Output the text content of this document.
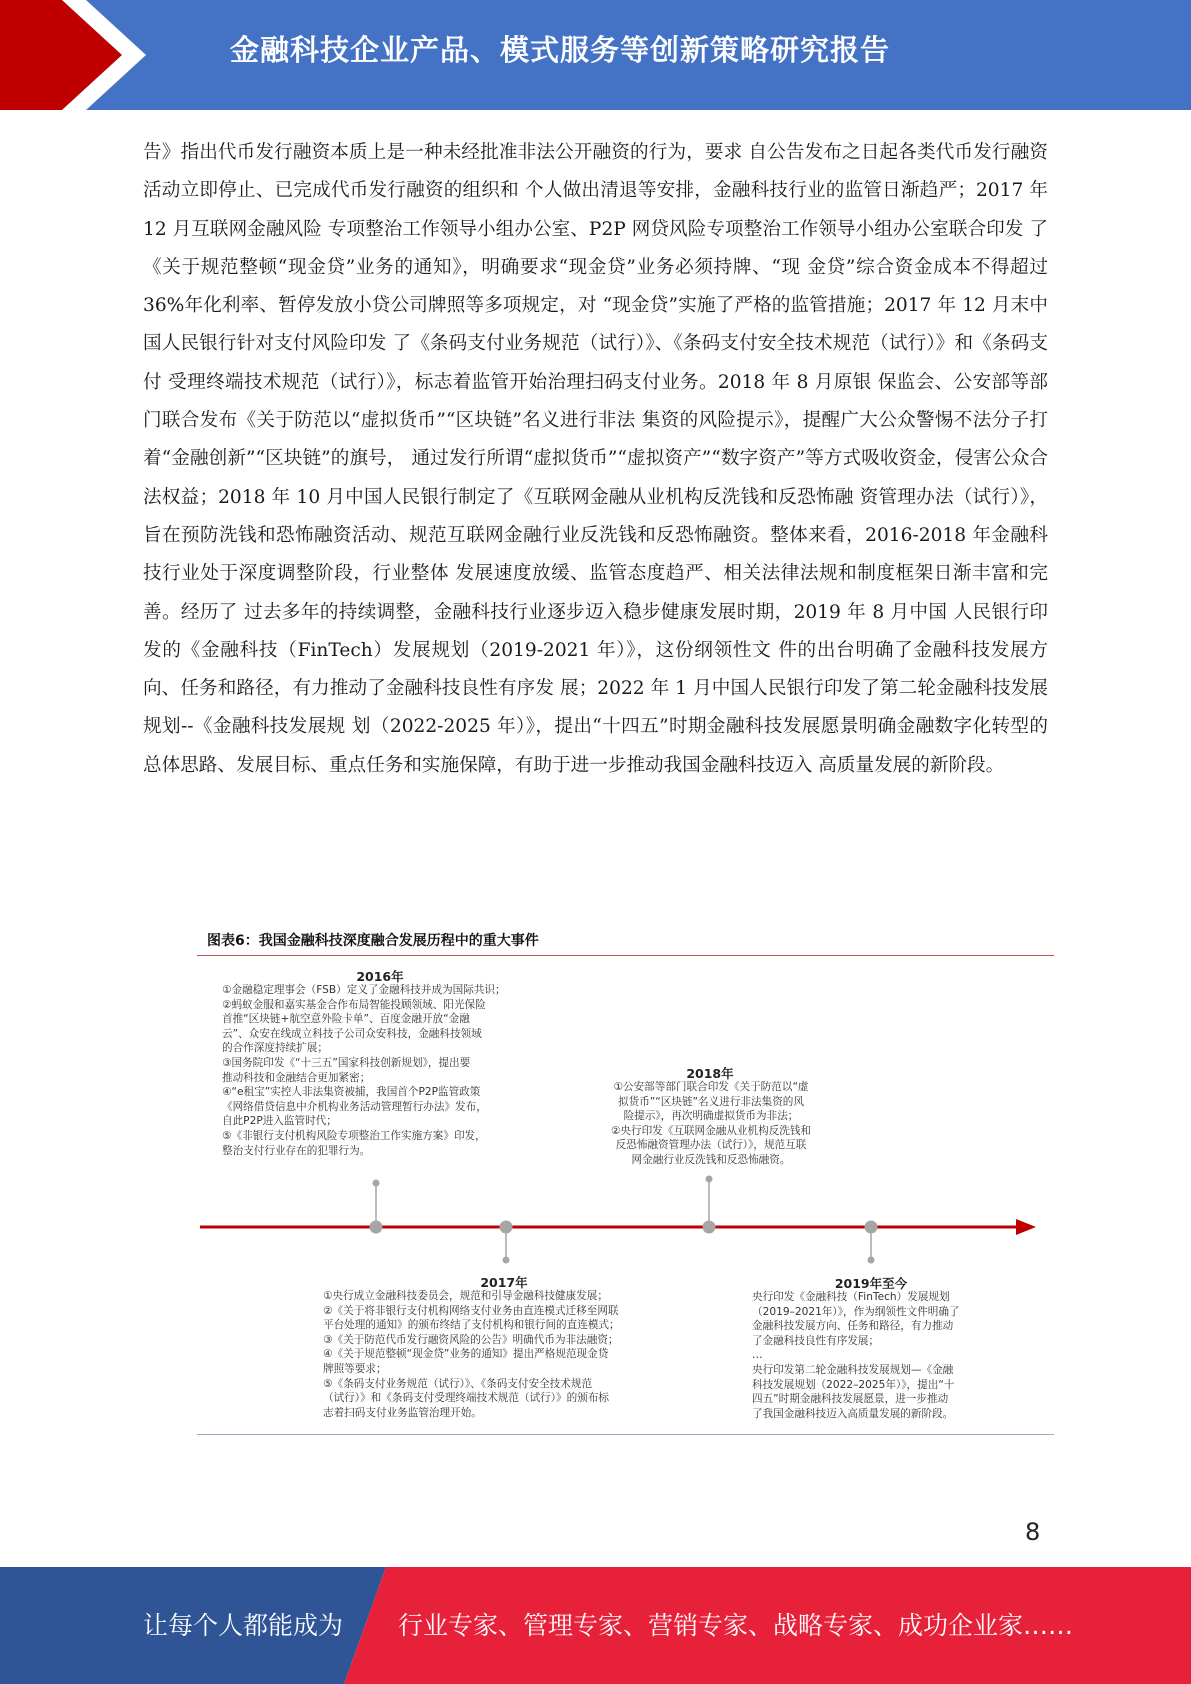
金融科技企业产品、模式服务等创新策略研究报告
告》指出代币发行融资本质上是一种未经批准非法公开融资的行为，要求 自公告发布之日起各类代币发行融资活动立即停止、已完成代币发行融资的组织和 个人做出清退等安排，金融科技行业的监管日渐趋严；2017 年 12 月互联网金融风险 专项整治工作领导小组办公室、P2P 网贷风险专项整治工作领导小组办公室联合印发 了《关于规范整顿“现金贷”业务的通知》，明确要求“现金贷”业务必须持牌、“现 金贷”综合资金成本不得超过 36%年化利率、暂停发放小贷公司牌照等多项规定，对 “现金贷”实施了严格的监管措施；2017 年 12 月末中国人民银行针对支付风险印发 了《条码支付业务规范（试行）》、《条码支付安全技术规范（试行）》和《条码支付 受理终端技术规范（试行）》，标志着监管开始治理扫码支付业务。2018 年 8 月原银 保监会、公安部等部门联合发布《关于防范以“虚拟货币”“区块链”名义进行非法 集资的风险提示》，提醒广大公众警惕不法分子打着“金融创新”“区块链”的旗号， 通过发行所谓“虚拟货币”“虚拟资产”“数字资产”等方式吸收资金，侵害公众合 法权益；2018 年 10 月中国人民银行制定了《互联网金融从业机构反洗钱和反恐怖融 资管理办法（试行）》，旨在预防洗钱和恐怖融资活动、规范互联网金融行业反洗钱和反恐怖融资。整体来看，2016-2018 年金融科技行业处于深度调整阶段，行业整体 发展速度放缓、监管态度趋严、相关法律法规和制度框架日渐丰富和完善。经历了 过去多年的持续调整，金融科技行业逐步迈入稳步健康发展时期，2019 年 8 月中国 人民银行印发的《金融科技（FinTech）发展规划（2019-2021 年）》，这份纲领性文 件的出台明确了金融科技发展方向、任务和路径，有力推动了金融科技良性有序发 展；2022 年 1 月中国人民银行印发了第二轮金融科技发展规划--《金融科技发展规 划（2022-2025 年）》，提出“十四五”时期金融科技发展愿景明确金融数字化转型的 总体思路、发展目标、重点任务和实施保障，有助于进一步推动我国金融科技迈入 高质量发展的新阶段。
图表6：我国金融科技深度融合发展历程中的重大事件
2016年
①金融稳定理事会（FSB）定义了金融科技并成为国际共识；
②蚂蚁金服和嘉实基金合作布局智能投顾领域、阳光保险
首推“区块链+航空意外险卡单”、百度金融开放“金融
云”、众安在线成立科技子公司众安科技，金融科技领域
的合作深度持续扩展；
③国务院印发《“十三五”国家科技创新规划》，提出要
推动科技和金融结合更加紧密；
④“e租宝”实控人非法集资被捕，我国首个P2P监管政策
《网络借贷信息中介机构业务活动管理暂行办法》发布，
自此P2P进入监管时代；
⑤《非银行支付机构风险专项整治工作实施方案》印发，
整治支付行业存在的犯罪行为。
2018年
①公安部等部门联合印发《关于防范以“虚
拟货币”“区块链”名义进行非法集资的风
险提示》，再次明确虚拟货币为非法；
②央行印发《互联网金融从业机构反洗钱和
反恐怖融资管理办法（试行）》，规范互联
网金融行业反洗钱和反恐怖融资。
2017年
①央行成立金融科技委员会，规范和引导金融科技健康发展；
②《关于将非银行支付机构网络支付业务由直连模式迁移至网联
平台处理的通知》的颁布终结了支付机构和银行间的直连模式；
③《关于防范代币发行融资风险的公告》明确代币为非法融资；
④《关于规范整顿“现金贷”业务的通知》提出严格规范现金贷
牌照等要求；
⑤《条码支付业务规范（试行）》、《条码支付安全技术规范
（试行）》和《条码支付受理终端技术规范（试行）》的颁布标
志着扫码支付业务监管治理开始。
2019年至今
央行印发《金融科技（FinTech）发展规划
（2019–2021年）》，作为纲领性文件明确了
金融科技发展方向、任务和路径，有力推动
了金融科技良性有序发展；
…
央行印发第二轮金融科技发展规划—《金融
科技发展规划（2022–2025年）》，提出“十
四五”时期金融科技发展愿景，进一步推动
了我国金融科技迈入高质量发展的新阶段。
8
让每个人都能成为 行业专家、管理专家、营销专家、战略专家、成功企业家……
